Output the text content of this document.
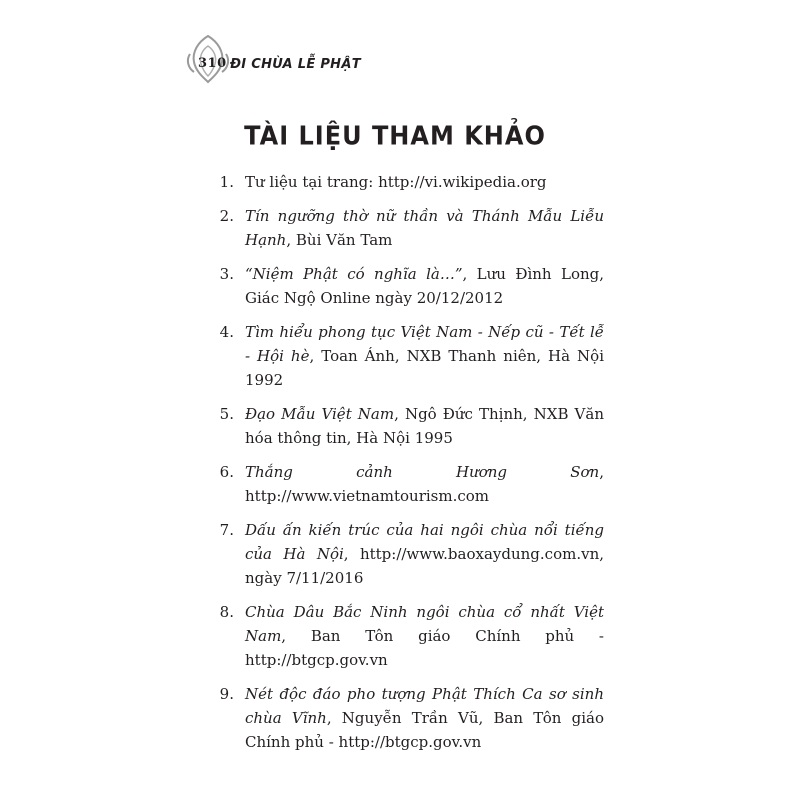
310 ĐI CHÙA LỄ PHẬT
TÀI LIỆU THAM KHẢO
1 .	Tư liệu tại trang: http://vi.wikipedia.org
2 .	Tín ngưỡng thờ nữ thần và Thánh Mẫu Liễu Hạnh, Bùi Văn Tam
3 .	“Niệm Phật có nghĩa là…”, Lưu Đình Long, Giác Ngộ Online ngày 20/12/2012
4 .	Tìm hiểu phong tục Việt Nam - Nếp cũ - Tết lễ - Hội hè, Toan Ánh, NXB Thanh niên, Hà Nội 1992
5 .	Đạo Mẫu Việt Nam, Ngô Đức Thịnh, NXB Văn hóa thông tin, Hà Nội 1995
6 .	Thắng cảnh Hương Sơn, http://www.vietnamtourism.com
7 .	Dấu ấn kiến trúc của hai ngôi chùa nổi tiếng của Hà Nội, http://www.baoxaydung.com.vn, ngày 7/11/2016
8 .	Chùa Dâu Bắc Ninh ngôi chùa cổ nhất Việt Nam, Ban Tôn giáo Chính phủ - http://btgcp.gov.vn
9 .	Nét độc đáo pho tượng Phật Thích Ca sơ sinh chùa Vĩnh, Nguyễn Trần Vũ, Ban Tôn giáo Chính phủ - http://btgcp.gov.vn
